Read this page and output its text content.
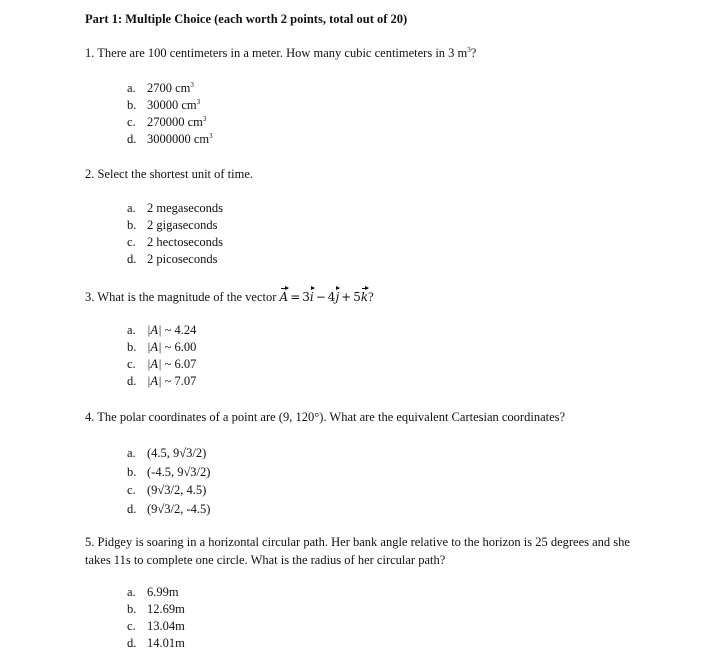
Part 1: Multiple Choice (each worth 2 points, total out of 20)
1. There are 100 centimeters in a meter. How many cubic centimeters in 3 $m^3$?
a. 2700 $cm^3$
b. 30000 $cm^3$
c. 270000 $cm^3$
d. 3000000 $cm^3$
2. Select the shortest unit of time.
a. 2 megaseconds
b. 2 gigaseconds
c. 2 hectoseconds
d. 2 picoseconds
3. What is the magnitude of the vector A = 3i − 4j + 5k?
a. |A| ~ 4.24
b. |A| ~ 6.00
c. |A| ~ 6.07
d. |A| ~ 7.07
4. The polar coordinates of a point are (9, 120°). What are the equivalent Cartesian coordinates?
a. (4.5, 9√3/2)
b. (-4.5, 9√3/2)
c. (9√3/2, 4.5)
d. (9√3/2, -4.5)
5. Pidgey is soaring in a horizontal circular path. Her bank angle relative to the horizon is 25 degrees and she takes 11s to complete one circle. What is the radius of her circular path?
a. 6.99m
b. 12.69m
c. 13.04m
d. 14.01m
